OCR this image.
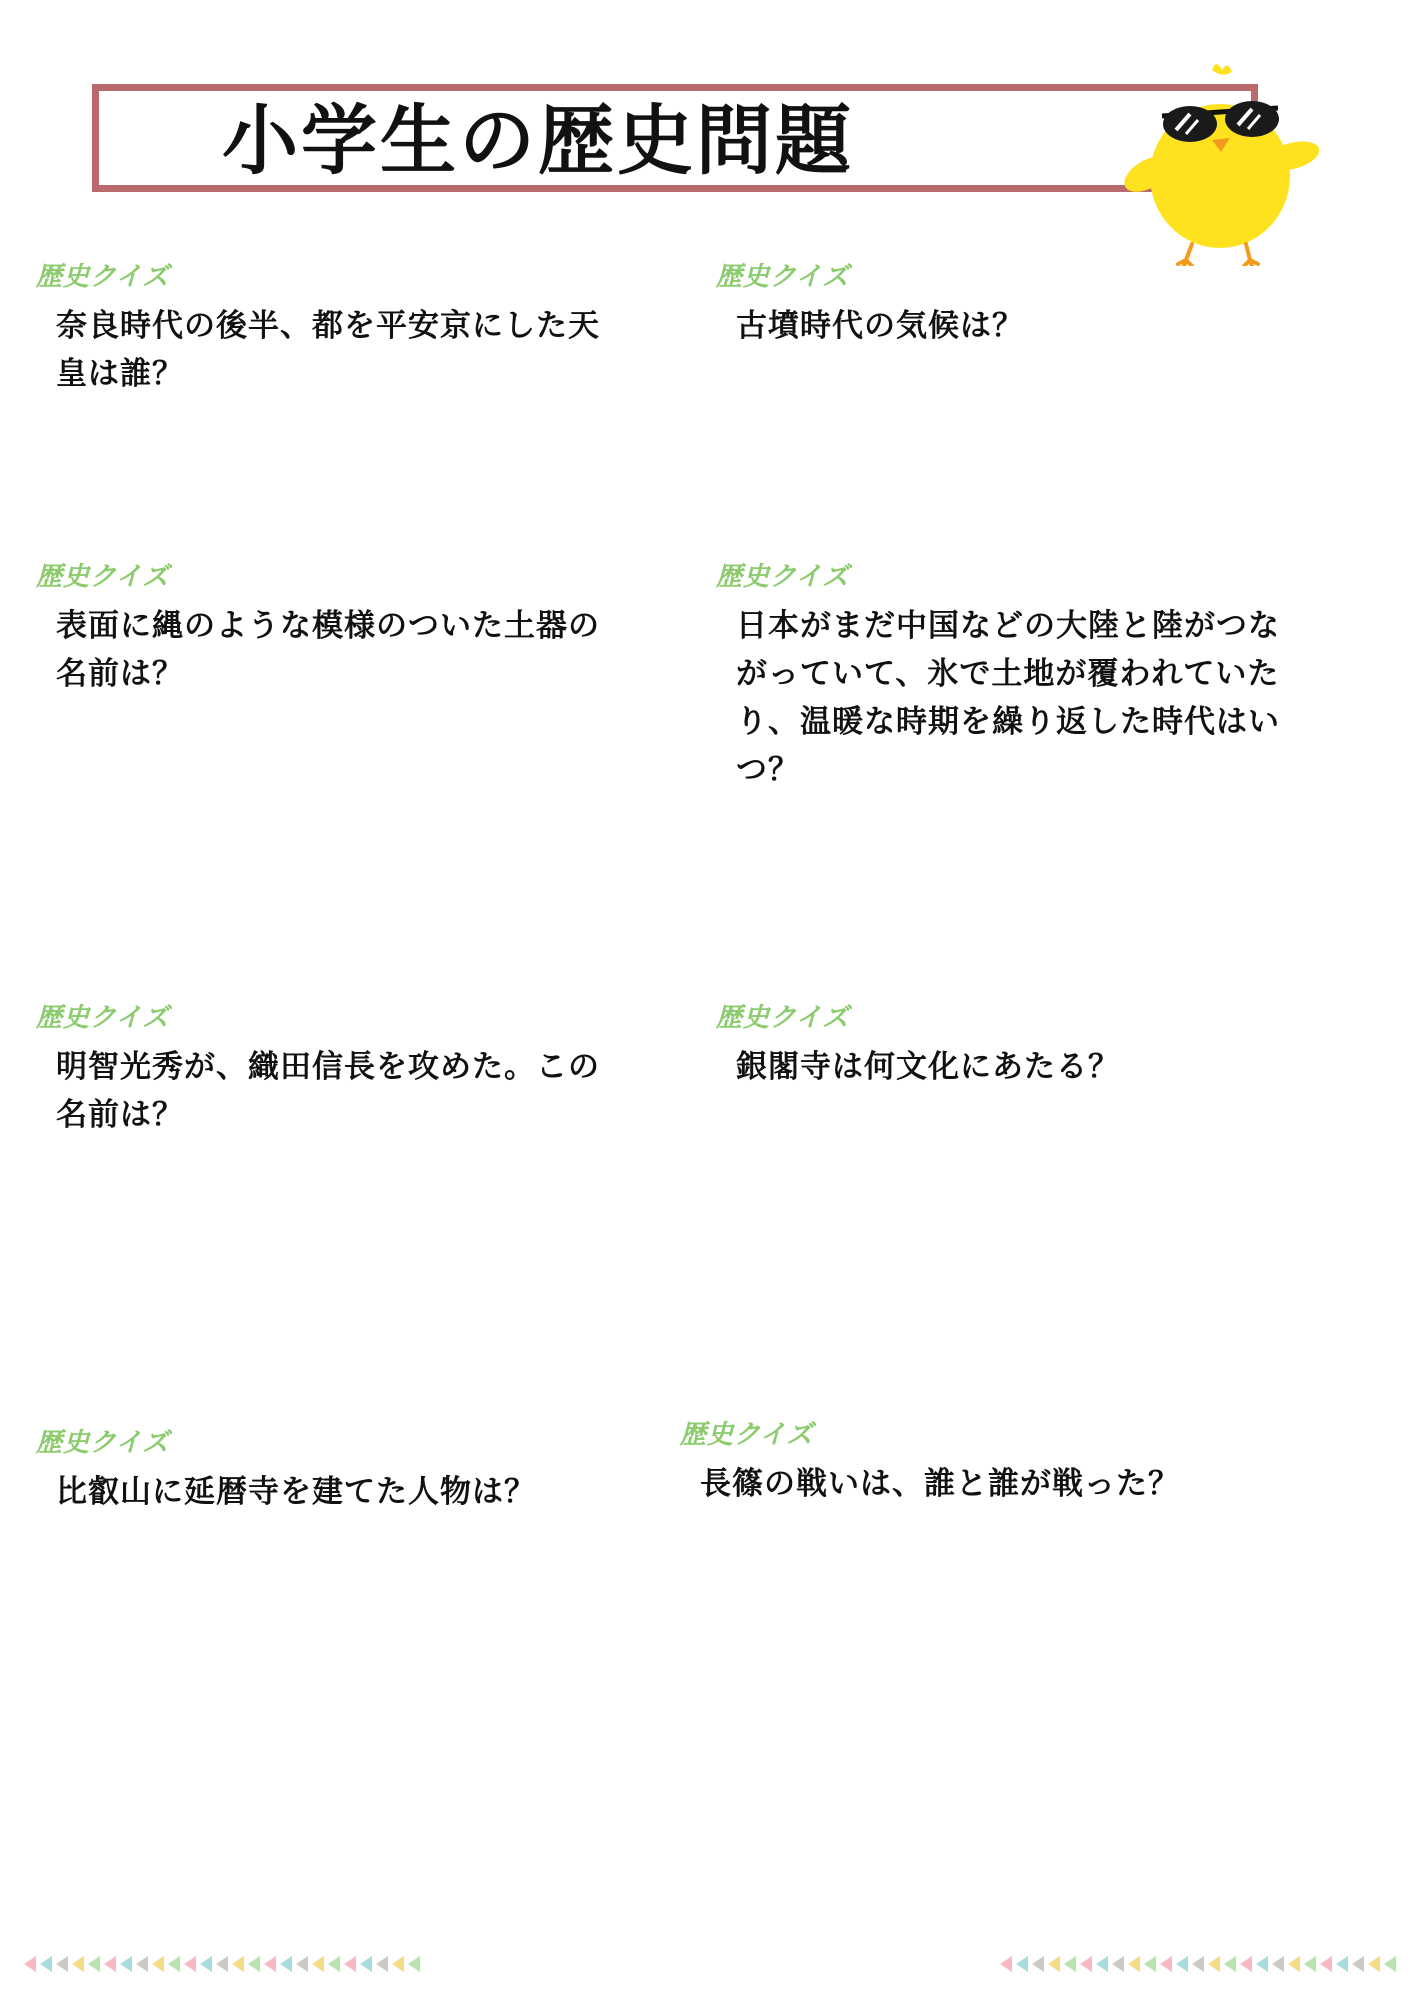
小学生の歴史問題
歴史クイズ
奈良時代の後半、都を平安京にした天皇は誰？
歴史クイズ
古墳時代の気候は？
歴史クイズ
表面に縄のような模様のついた土器の名前は？
歴史クイズ
日本がまだ中国などの大陸と陸がつながっていて、氷で土地が覆われていたり、温暖な時期を繰り返した時代はいつ？
歴史クイズ
明智光秀が、織田信長を攻めた。この名前は？
歴史クイズ
銀閣寺は何文化にあたる？
歴史クイズ
比叡山に延暦寺を建てた人物は？
歴史クイズ
長篠の戦いは、誰と誰が戦った？
